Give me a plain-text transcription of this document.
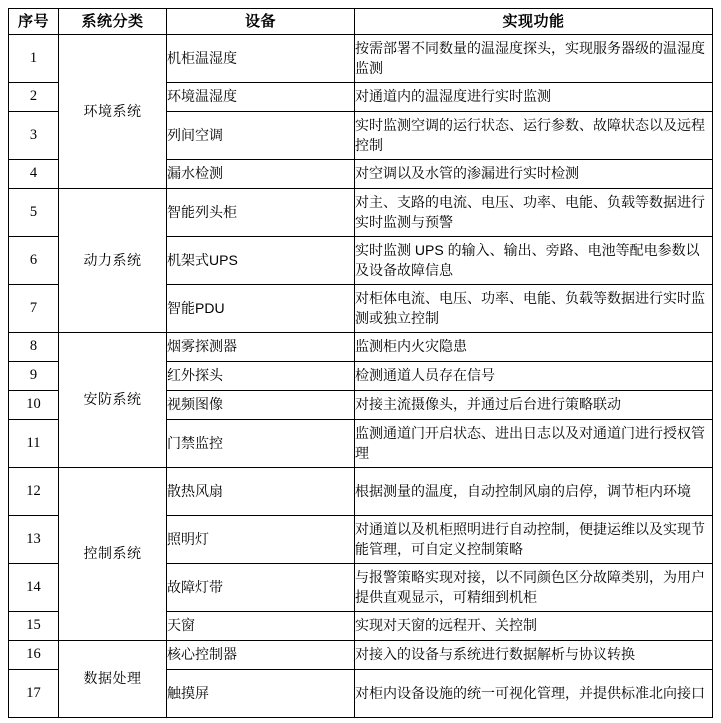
序号	系统分类	设备	实现功能
1	环境系统	机柜温湿度	按需部署不同数量的温湿度探头，实现服务器级的温湿度监测
2		环境温湿度	对通道内的温湿度进行实时监测
3		列间空调	实时监测空调的运行状态、运行参数、故障状态以及远程控制
4		漏水检测	对空调以及水管的渗漏进行实时检测
5	动力系统	智能列头柜	对主、支路的电流、电压、功率、电能、负载等数据进行实时监测与预警
6		机架式UPS	实时监测 UPS 的输入、输出、旁路、电池等配电参数以及设备故障信息
7		智能PDU	对柜体电流、电压、功率、电能、负载等数据进行实时监测或独立控制
8	安防系统	烟雾探测器	监测柜内火灾隐患
9		红外探头	检测通道人员存在信号
10		视频图像	对接主流摄像头，并通过后台进行策略联动
11		门禁监控	监测通道门开启状态、进出日志以及对通道门进行授权管理
12	控制系统	散热风扇	根据测量的温度，自动控制风扇的启停，调节柜内环境
13		照明灯	对通道以及机柜照明进行自动控制，便捷运维以及实现节能管理，可自定义控制策略
14		故障灯带	与报警策略实现对接，以不同颜色区分故障类别，为用户提供直观显示，可精细到机柜
15		天窗	实现对天窗的远程开、关控制
16	数据处理	核心控制器	对接入的设备与系统进行数据解析与协议转换
17		触摸屏	对柜内设备设施的统一可视化管理，并提供标准北向接口
